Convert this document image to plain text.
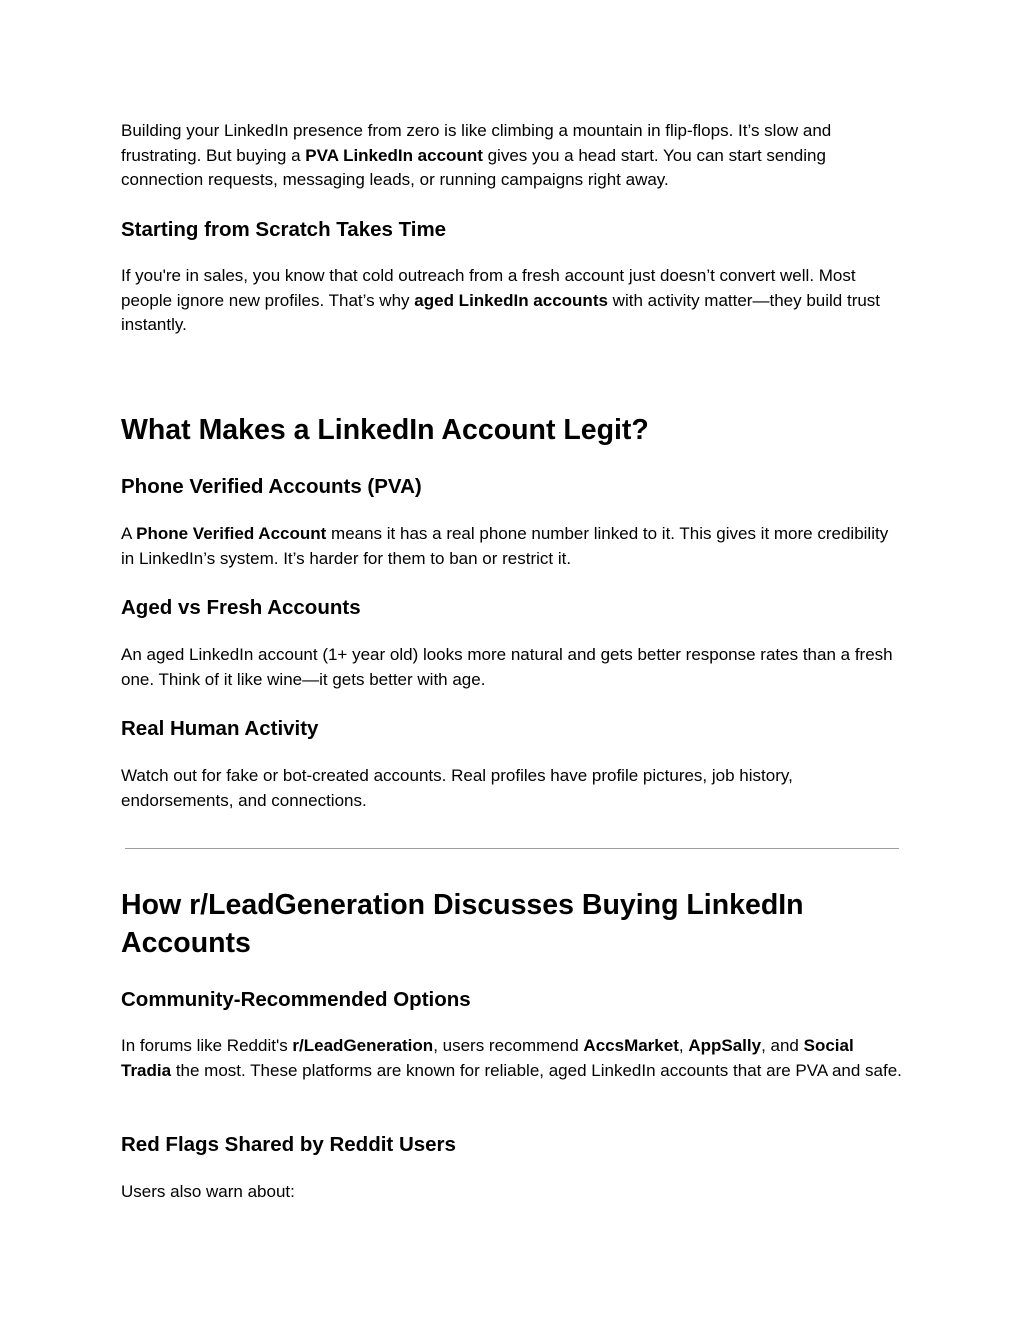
Building your LinkedIn presence from zero is like climbing a mountain in flip-flops. It’s slow and frustrating. But buying a PVA LinkedIn account gives you a head start. You can start sending connection requests, messaging leads, or running campaigns right away.

Starting from Scratch Takes Time

If you're in sales, you know that cold outreach from a fresh account just doesn’t convert well. Most people ignore new profiles. That’s why aged LinkedIn accounts with activity matter—they build trust instantly.

What Makes a LinkedIn Account Legit?
Phone Verified Accounts (PVA)

A Phone Verified Account means it has a real phone number linked to it. This gives it more credibility in LinkedIn’s system. It’s harder for them to ban or restrict it.

Aged vs Fresh Accounts

An aged LinkedIn account (1+ year old) looks more natural and gets better response rates than a fresh one. Think of it like wine—it gets better with age.

Real Human Activity

Watch out for fake or bot-created accounts. Real profiles have profile pictures, job history, endorsements, and connections.

How r/LeadGeneration Discusses Buying LinkedIn Accounts
Community-Recommended Options

In forums like Reddit's r/LeadGeneration, users recommend AccsMarket, AppSally, and Social Tradia the most. These platforms are known for reliable, aged LinkedIn accounts that are PVA and safe.

Red Flags Shared by Reddit Users

Users also warn about:
